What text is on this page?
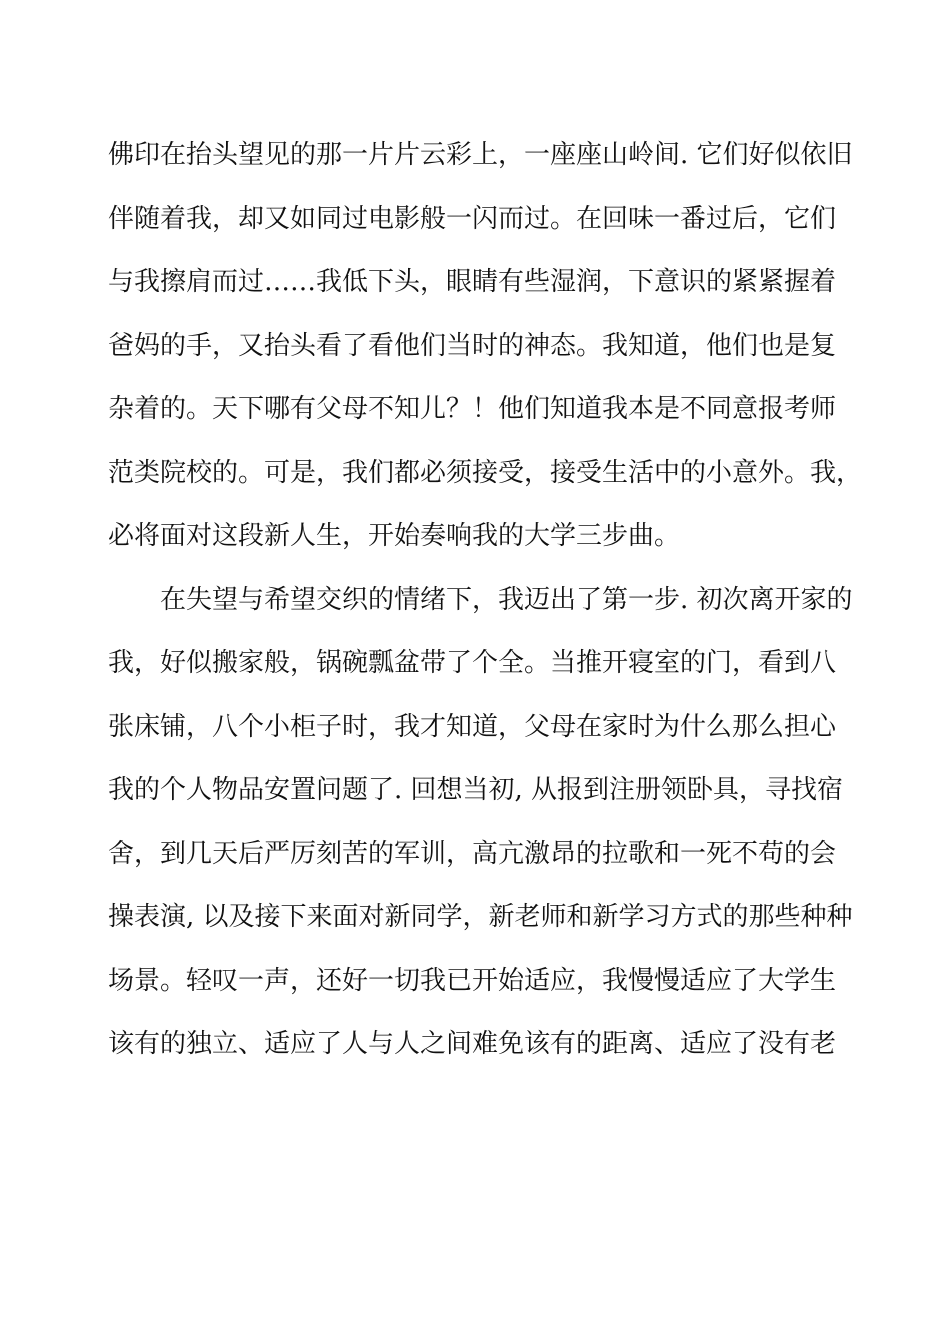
佛印在抬头望见的那一片片云彩上，一座座山岭间. 它们好似依旧
伴随着我，却又如同过电影般一闪而过。在回味一番过后，它们
与我擦肩而过……我低下头，眼睛有些湿润，下意识的紧紧握着
爸妈的手，又抬头看了看他们当时的神态。我知道，他们也是复
杂着的。天下哪有父母不知儿？！他们知道我本是不同意报考师
范类院校的。可是，我们都必须接受，接受生活中的小意外。我，
必将面对这段新人生，开始奏响我的大学三步曲。
在失望与希望交织的情绪下，我迈出了第一步. 初次离开家的
我，好似搬家般，锅碗瓢盆带了个全。当推开寝室的门，看到八
张床铺，八个小柜子时，我才知道，父母在家时为什么那么担心
我的个人物品安置问题了. 回想当初, 从报到注册领卧具，寻找宿
舍，到几天后严厉刻苦的军训，高亢激昂的拉歌和一死不苟的会
操表演, 以及接下来面对新同学，新老师和新学习方式的那些种种
场景。轻叹一声，还好一切我已开始适应，我慢慢适应了大学生
该有的独立、适应了人与人之间难免该有的距离、适应了没有老
